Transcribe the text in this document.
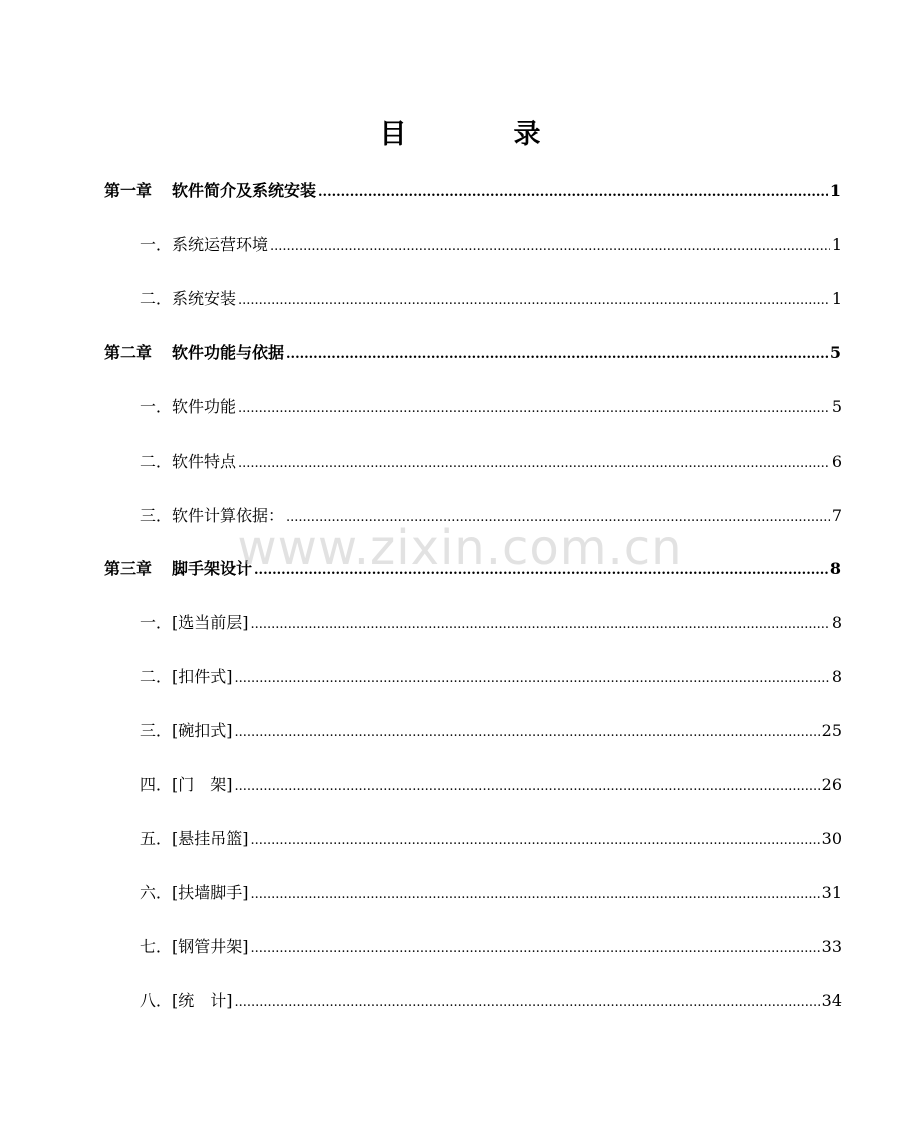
目　录
第一章 软件简介及系统安装 .....	1
一．系统运营环境 .....	1
二．系统安装 .....	1
第二章 软件功能与依据 .....	5
一．软件功能 .....	5
二．软件特点 .....	6
三．软件计算依据： .....	7
第三章 脚手架设计 .....	8
一．[选当前层] .....	8
二．[扣件式] .....	8
三．[碗扣式] .....	25
四．[门　架] .....	26
五．[悬挂吊篮] .....	30
六．[扶墙脚手] .....	31
七．[钢管井架] .....	33
八．[统　计] .....	34
www.zixin.com.cn
